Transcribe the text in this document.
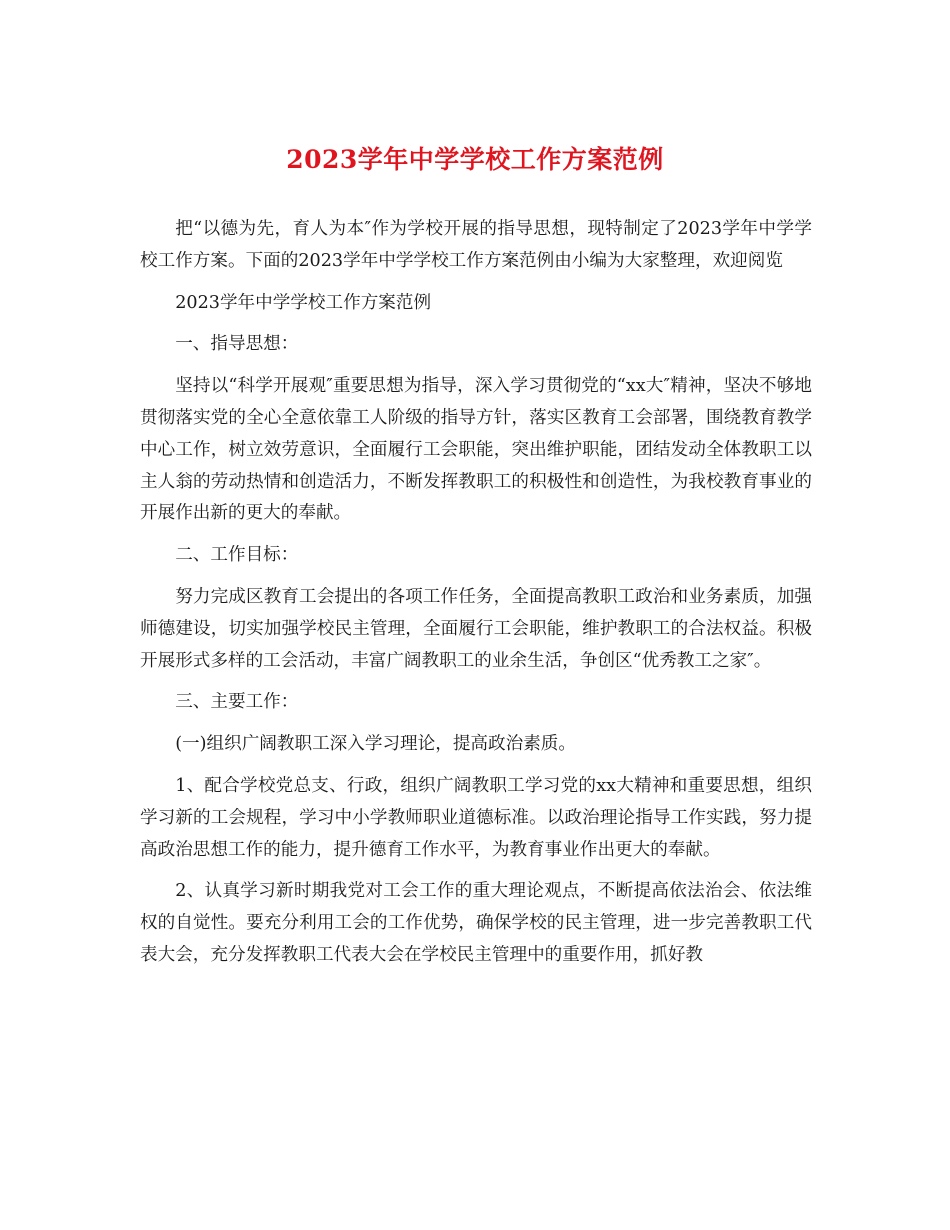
2023学年中学学校工作方案范例

把“以德为先，育人为本″作为学校开展的指导思想，现特制定了2023学年中学学校工作方案。下面的2023学年中学学校工作方案范例由小编为大家整理，欢迎阅览

2023学年中学学校工作方案范例

一、指导思想：

坚持以“科学开展观″重要思想为指导，深入学习贯彻党的“xx大″精神，坚决不够地贯彻落实党的全心全意依靠工人阶级的指导方针，落实区教育工会部署，围绕教育教学中心工作，树立效劳意识，全面履行工会职能，突出维护职能，团结发动全体教职工以主人翁的劳动热情和创造活力，不断发挥教职工的积极性和创造性，为我校教育事业的开展作出新的更大的奉献。

二、工作目标：

努力完成区教育工会提出的各项工作任务，全面提高教职工政治和业务素质，加强师德建设，切实加强学校民主管理，全面履行工会职能，维护教职工的合法权益。积极开展形式多样的工会活动，丰富广阔教职工的业余生活，争创区“优秀教工之家″。

三、主要工作：

(一)组织广阔教职工深入学习理论，提高政治素质。

1、配合学校党总支、行政，组织广阔教职工学习党的xx大精神和重要思想，组织学习新的工会规程，学习中小学教师职业道德标准。以政治理论指导工作实践，努力提高政治思想工作的能力，提升德育工作水平，为教育事业作出更大的奉献。

2、认真学习新时期我党对工会工作的重大理论观点，不断提高依法治会、依法维权的自觉性。要充分利用工会的工作优势，确保学校的民主管理，进一步完善教职工代表大会，充分发挥教职工代表大会在学校民主管理中的重要作用，抓好教
